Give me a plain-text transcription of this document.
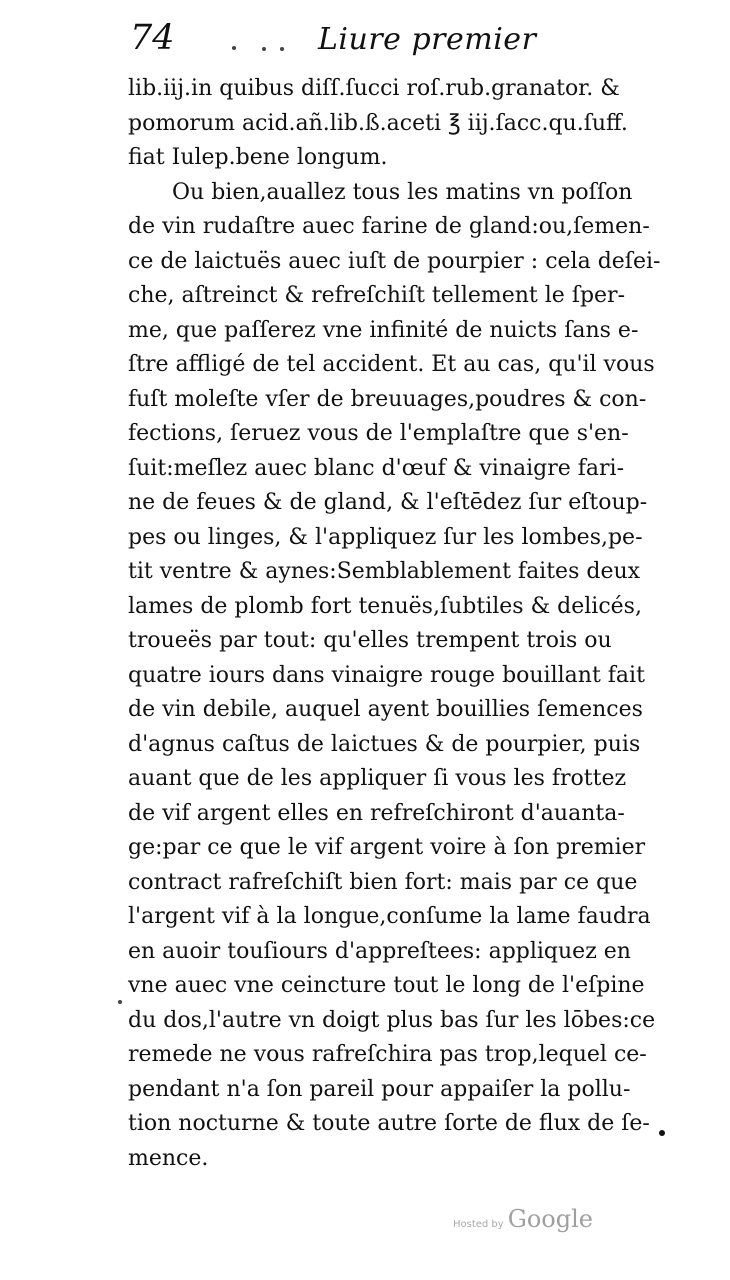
74	Liure premier
lib.iij.in quibus diſſ.ſucci roſ.rub.granator. &
pomorum acid.añ.lib.ß.aceti ℥ iij.ſacc.qu.ſuff.
fiat Iulep.bene longum.
Ou bien,auallez tous les matins vn poſſon
de vin rudaſtre auec farine de gland:ou,ſemen-
ce de laictuës auec iuſt de pourpier : cela deſei-
che, aſtreinct & refreſchiſt tellement le ſper-
me, que paſſerez vne infinité de nuicts ſans e-
ſtre affligé de tel accident. Et au cas, qu'il vous
fuſt moleſte vſer de breuuages,poudres & con-
fections, ſeruez vous de l'emplaſtre que s'en-
ſuit:meſlez auec blanc d'œuf & vinaigre fari-
ne de feues & de gland, & l'eſtēdez ſur eſtoup-
pes ou linges, & l'appliquez ſur les lombes,pe-
tit ventre & aynes:Semblablement faites deux
lames de plomb fort tenuës,ſubtiles & delicés,
troueës par tout: qu'elles trempent trois ou
quatre iours dans vinaigre rouge bouillant fait
de vin debile, auquel ayent bouillies ſemences
d'agnus caſtus de laictues & de pourpier, puis
auant que de les appliquer ſi vous les frottez
de vif argent elles en refreſchiront d'auanta-
ge:par ce que le vif argent voire à ſon premier
contract rafreſchiſt bien fort: mais par ce que
l'argent vif à la longue,conſume la lame faudra
en auoir touſiours d'appreſtees: appliquez en
vne auec vne ceincture tout le long de l'eſpine
du dos,l'autre vn doigt plus bas ſur les lōbes:ce
remede ne vous rafreſchira pas trop,lequel ce-
pendant n'a ſon pareil pour appaiſer la pollu-
tion nocturne & toute autre ſorte de flux de ſe-
mence.
Hosted by Google
